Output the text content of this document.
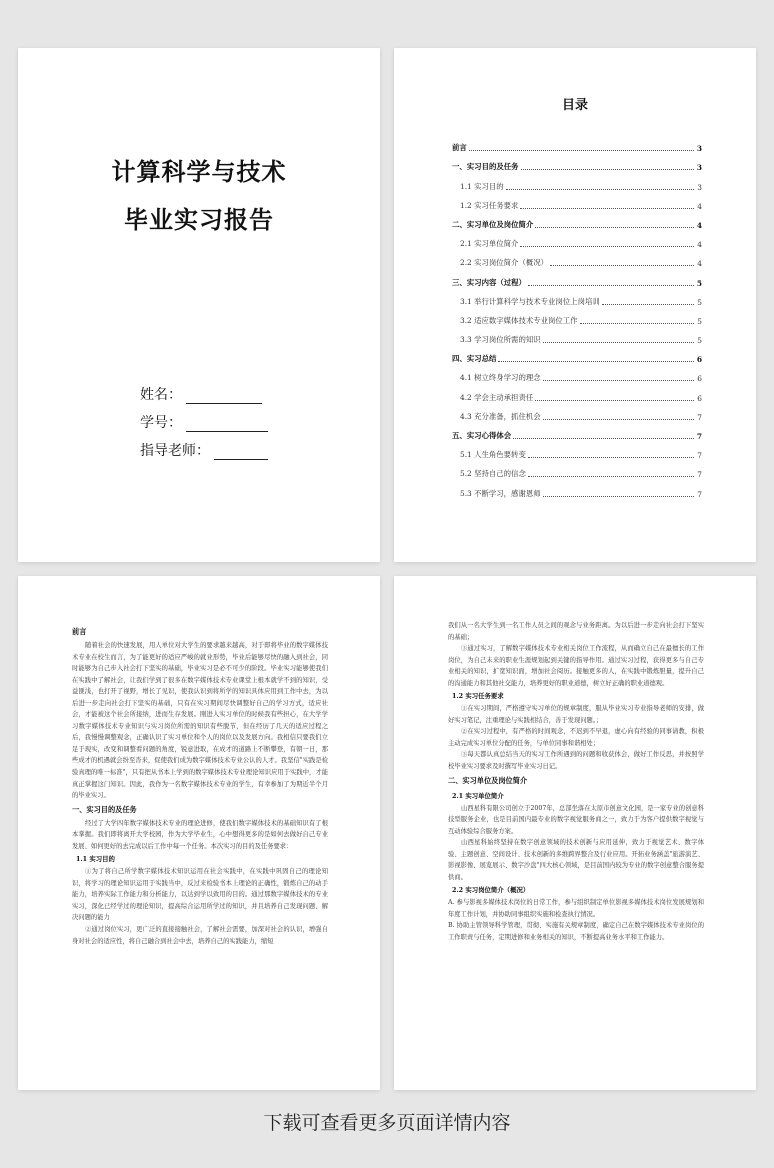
计算科学与技术
毕业实习报告
姓名：
学号：
指导老师：
目录
前言	3
一、实习目的及任务	3
1.1 实习目的	3
1.2 实习任务要求	4
二、实习单位及岗位简介	4
2.1 实习单位简介	4
2.2 实习岗位简介（概况）	4
三、实习内容（过程）	5
3.1 举行计算科学与技术专业岗位上岗培训	5
3.2 适应数字媒体技术专业岗位工作	5
3.3 学习岗位所需的知识	5
四、实习总结	6
4.1 树立终身学习的理念	6
4.2 学会主动承担责任	6
4.3 充分准备，抓住机会	7
五、实习心得体会	7
5.1 人生角色要转变	7
5.2 坚持自己的信念	7
5.3 不断学习，感谢恩师	7
前言

随着社会的快速发展，用人单位对大学生的要求越来越高，对于即将毕业的数字媒体技术专业在校生而言，为了能更好的适应严峻的就业形势，毕业后能够尽快的融入到社会，同时能够为自己步入社会打下坚实的基础，毕业实习是必不可少的阶段。毕业实习能够使我们在实践中了解社会，让我们学到了很多在数字媒体技术专业课堂上根本就学不到的知识，受益匪浅，也打开了视野，增长了见识，使我认识到将所学的知识具体应用到工作中去，为以后进一步走向社会打下坚实的基础，只有在实习期间尽快调整好自己的学习方式，适应社会，才能被这个社会所接纳，进而生存发展。刚进入实习单位的时候我有些担心，在大学学习数字媒体技术专业知识与实习岗位所需的知识有些脱节，但在经历了几天的适应过程之后，我慢慢调整观念，正确认识了实习单位和个人的岗位以及发展方向。我相信只要我们立足于现实，改变和调整看问题的角度，锐意进取，在成才的道路上不断攀登，有朝一日，那些成才的机遇就会纷至沓来，促使我们成为数字媒体技术专业公认的人才。我坚信"实践是检验真理的唯一标准"，只有把从书本上学到的数字媒体技术专业理论知识应用于实践中，才能真正掌握这门知识。因此，我作为一名数字媒体技术专业的学生，有幸参加了为期近半个月的毕业实习。

一、实习目的及任务

经过了大学四年数字媒体技术专业的理论进修，使我们数字媒体技术的基础知识有了根本掌握。我们即将离开大学校园，作为大学毕业生，心中想得更多的是如何去做好自己专业发展、如何更好的去完成以后工作中每一个任务。本次实习的目的及任务要求：

1.1 实习目的

①为了将自己所学数字媒体技术知识运用在社会实践中，在实践中巩固自己的理论知识，将学习的理论知识运用于实践当中，反过来检验书本上理论的正确性，锻炼自己的动手能力，培养实际工作能力和分析能力，以达到学以致用的目的。通过那数字媒体技术的专业实习，深化已经学过的理论知识，提高综合运用所学过的知识，并且培养自己发现问题、解决问题的能力

②通过岗位实习，更广泛的直接接触社会，了解社会需要，加深对社会的认识，增强自身对社会的适应性，将自己融合到社会中去，培养自己的实践能力，缩短

我们从一名大学生到一名工作人员之间的观念与业务距离。为以后进一步走向社会打下坚实的基础；

③通过实习，了解数字媒体技术专业相关岗位工作流程，从而确立自己在最擅长的工作岗位，为自己未来的职业生涯规划起到关键的指导作用。通过实习过程，获得更多与自己专业相关的知识，扩宽知识面，增加社会阅历。接触更多的人，在实践中锻炼胆量，提升自己的沟通能力和其他社交能力，培养更好的职业道德，树立好正确的职业道德观。

1.2 实习任务要求

①在实习期间，严格遵守实习单位的规章制度，服从毕业实习专业指导老师的安排，做好实习笔记，注重理论与实践相结合，善于发现问题。；

②在实习过程中，有严格的时间观念，不迟到不早退，虚心向有经验的同事请教，积极主动完成实习单位分配的任务，与单位同事和谐相处；

③每天都认真总结当天的实习工作所遇到的问题和收获体会，做好工作反思，并按照学校毕业实习要求及时撰写毕业实习日记。

二、实习单位及岗位简介
2.1 实习单位简介

山西星科有限公司创立于2007年，总部坐落在太原市创意文化园，是一家专业的创意科技型服务企业，也是目前国内最专业的数字视觉服务商之一，致力于为客户提供数字视觉与互动体验综合服务方案。

山西星科始终坚持在数字创意领域的技术创新与应用延伸，致力于视觉艺术、数字体验、主题创意、空间设计、技术创新的多维跨界整合及行业应用。开拓业务涵盖"旅游演艺、影视影像、展览展示、数字沙盘"四大核心领域，是目前国内较为专业的数字创意整合服务提供商。

2.2 实习岗位简介（概况）

A. 参与影视多媒体技术岗位的日常工作，参与组织制定单位影视多媒体技术岗位发展规划和年度工作计划，并协助同事组织实施和检查执行情况。

B. 协助主管领导科学管理，贯彻、实施有关规章制度，确定自己在数字媒体技术专业岗位的工作职责与任务，定期进修和业务相关的知识，不断提高业务水平和工作能力。

下载可查看更多页面详情内容
